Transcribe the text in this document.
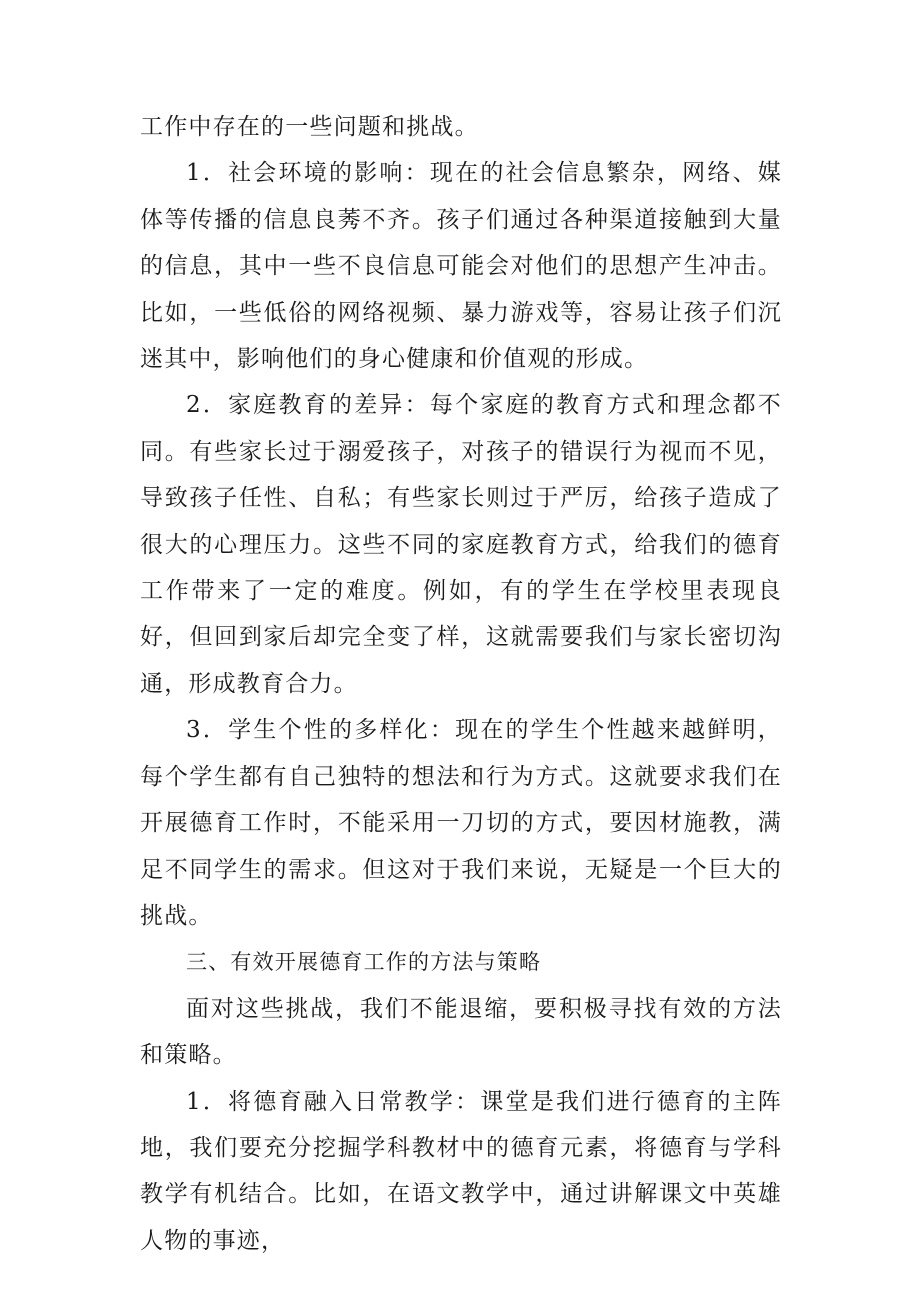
工作中存在的一些问题和挑战。

1．社会环境的影响：现在的社会信息繁杂，网络、媒体等传播的信息良莠不齐。孩子们通过各种渠道接触到大量的信息，其中一些不良信息可能会对他们的思想产生冲击。比如，一些低俗的网络视频、暴力游戏等，容易让孩子们沉迷其中，影响他们的身心健康和价值观的形成。

2．家庭教育的差异：每个家庭的教育方式和理念都不同。有些家长过于溺爱孩子，对孩子的错误行为视而不见，导致孩子任性、自私；有些家长则过于严厉，给孩子造成了很大的心理压力。这些不同的家庭教育方式，给我们的德育工作带来了一定的难度。例如，有的学生在学校里表现良好，但回到家后却完全变了样，这就需要我们与家长密切沟通，形成教育合力。

3．学生个性的多样化：现在的学生个性越来越鲜明，每个学生都有自己独特的想法和行为方式。这就要求我们在开展德育工作时，不能采用一刀切的方式，要因材施教，满足不同学生的需求。但这对于我们来说，无疑是一个巨大的挑战。

三、有效开展德育工作的方法与策略

面对这些挑战，我们不能退缩，要积极寻找有效的方法和策略。

1．将德育融入日常教学：课堂是我们进行德育的主阵地，我们要充分挖掘学科教材中的德育元素，将德育与学科教学有机结合。比如，在语文教学中，通过讲解课文中英雄人物的事迹，
